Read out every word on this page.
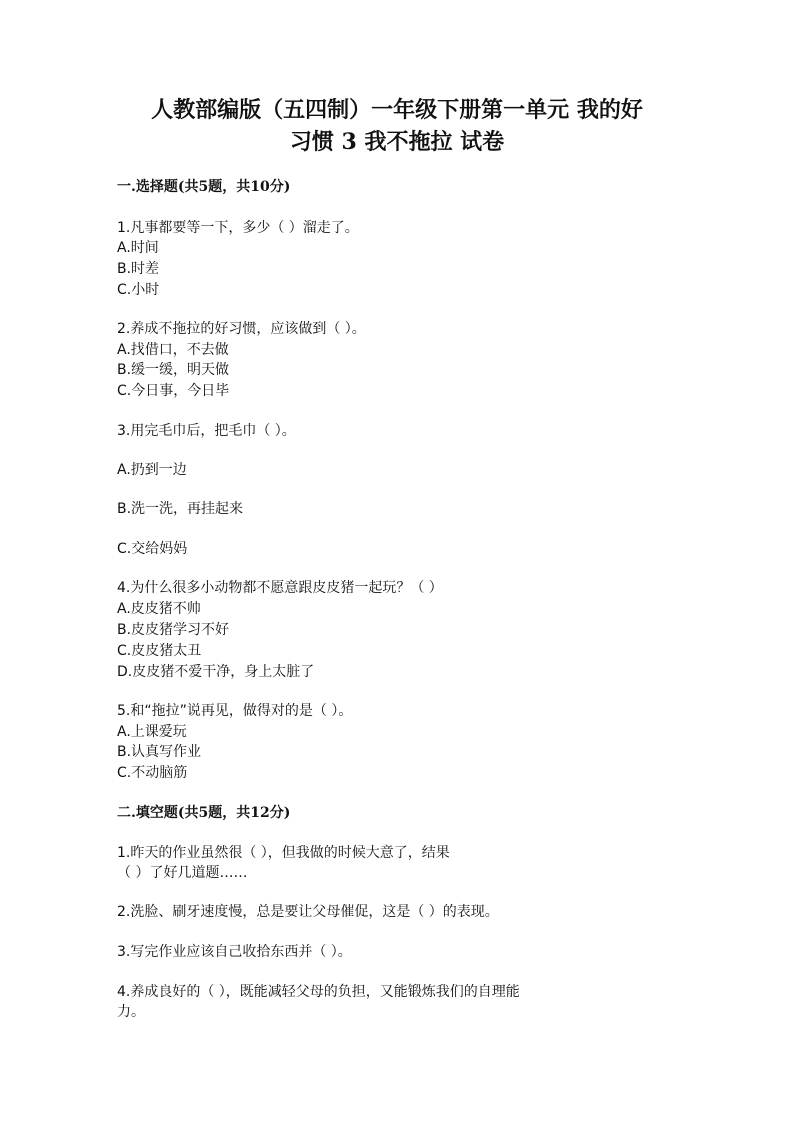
人教部编版（五四制）一年级下册第一单元 我的好
习惯 3 我不拖拉 试卷
一.选择题(共5题，共10分)
1.凡事都要等一下，多少（ ）溜走了。
A.时间
B.时差
C.小时
2.养成不拖拉的好习惯，应该做到（ ）。
A.找借口，不去做
B.缓一缓，明天做
C.今日事，今日毕
3.用完毛巾后，把毛巾（ ）。
A.扔到一边
B.洗一洗，再挂起来
C.交给妈妈
4.为什么很多小动物都不愿意跟皮皮猪一起玩？（ ）
A.皮皮猪不帅
B.皮皮猪学习不好
C.皮皮猪太丑
D.皮皮猪不爱干净，身上太脏了
5.和“拖拉”说再见，做得对的是（ ）。
A.上课爱玩
B.认真写作业
C.不动脑筋
二.填空题(共5题，共12分)
1.昨天的作业虽然很（ ），但我做的时候大意了，结果
（ ）了好几道题……
2.洗脸、刷牙速度慢，总是要让父母催促，这是（ ）的表现。
3.写完作业应该自己收拾东西并（ ）。
4.养成良好的（ ），既能减轻父母的负担，又能锻炼我们的自理能
力。
